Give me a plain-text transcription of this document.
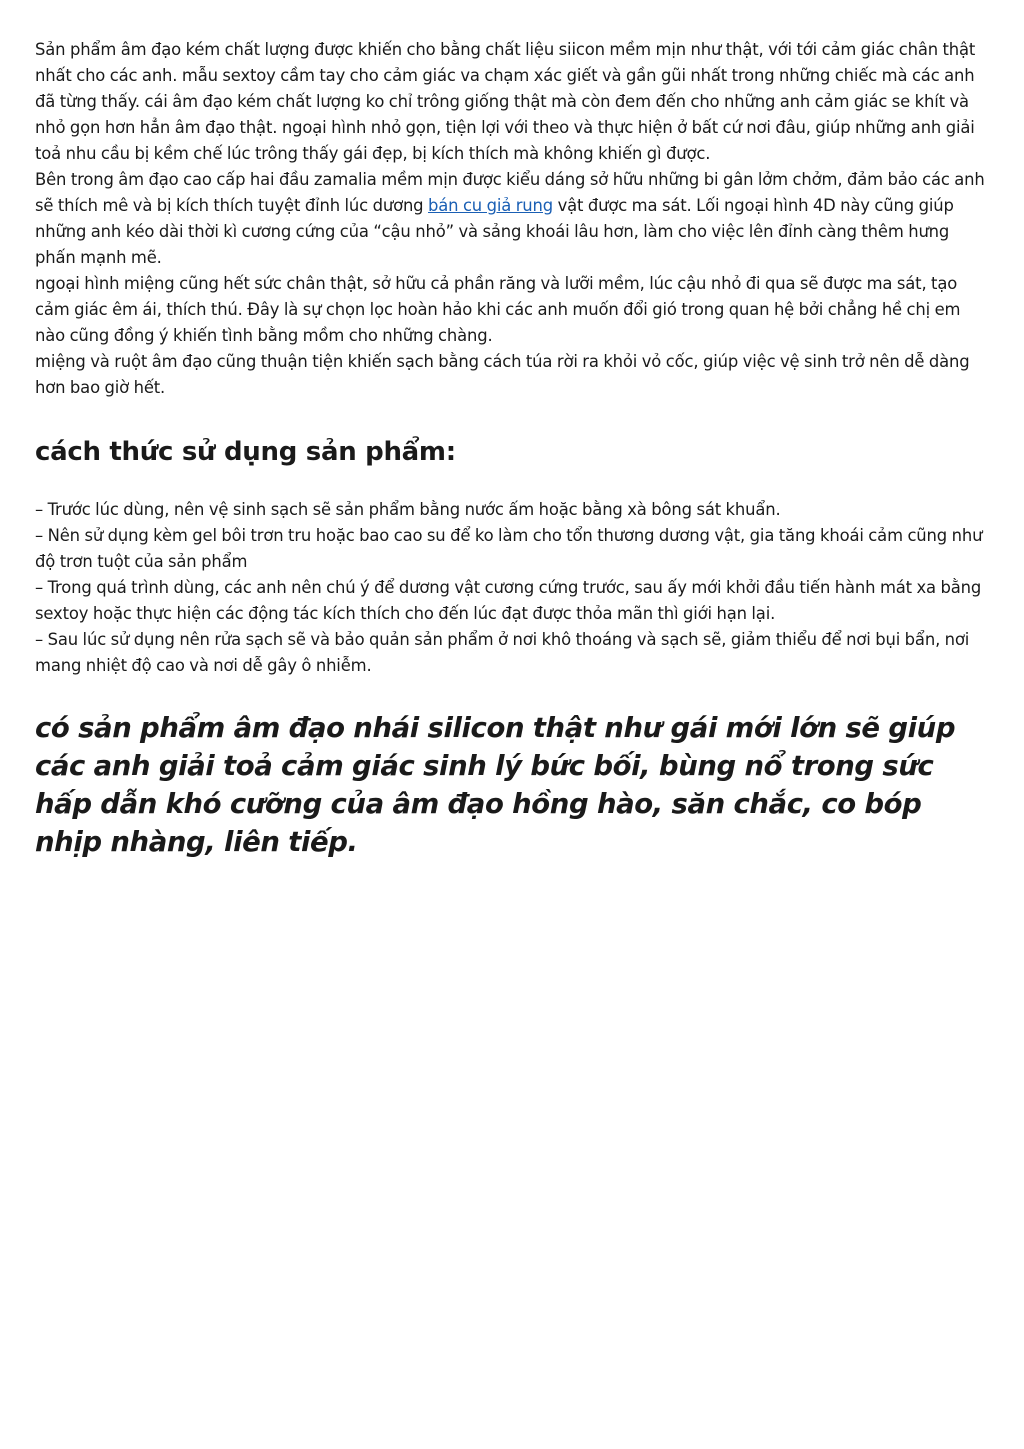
Sản phẩm âm đạo kém chất lượng được khiến cho bằng chất liệu siicon mềm mịn như thật, với tới cảm giác chân thật nhất cho các anh. mẫu sextoy cầm tay cho cảm giác va chạm xác giết và gần gũi nhất trong những chiếc mà các anh đã từng thấy. cái âm đạo kém chất lượng ko chỉ trông giống thật mà còn đem đến cho những anh cảm giác se khít và nhỏ gọn hơn hẳn âm đạo thật. ngoại hình nhỏ gọn, tiện lợi với theo và thực hiện ở bất cứ nơi đâu, giúp những anh giải toả nhu cầu bị kềm chế lúc trông thấy gái đẹp, bị kích thích mà không khiến gì được.

Bên trong âm đạo cao cấp hai đầu zamalia mềm mịn được kiểu dáng sở hữu những bi gân lởm chởm, đảm bảo các anh sẽ thích mê và bị kích thích tuyệt đỉnh lúc dương bán cu giả rung vật được ma sát. Lối ngoại hình 4D này cũng giúp những anh kéo dài thời kì cương cứng của “cậu nhỏ” và sảng khoái lâu hơn, làm cho việc lên đỉnh càng thêm hưng phấn mạnh mẽ.

ngoại hình miệng cũng hết sức chân thật, sở hữu cả phần răng và lưỡi mềm, lúc cậu nhỏ đi qua sẽ được ma sát, tạo cảm giác êm ái, thích thú. Đây là sự chọn lọc hoàn hảo khi các anh muốn đổi gió trong quan hệ bởi chẳng hề chị em nào cũng đồng ý khiến tình bằng mồm cho những chàng.

miệng và ruột âm đạo cũng thuận tiện khiến sạch bằng cách túa rời ra khỏi vỏ cốc, giúp việc vệ sinh trở nên dễ dàng hơn bao giờ hết.

cách thức sử dụng sản phẩm:

– Trước lúc dùng, nên vệ sinh sạch sẽ sản phẩm bằng nước ấm hoặc bằng xà bông sát khuẩn.

– Nên sử dụng kèm gel bôi trơn tru hoặc bao cao su để ko làm cho tổn thương dương vật, gia tăng khoái cảm cũng như độ trơn tuột của sản phẩm

– Trong quá trình dùng, các anh nên chú ý để dương vật cương cứng trước, sau ấy mới khởi đầu tiến hành mát xa bằng sextoy hoặc thực hiện các động tác kích thích cho đến lúc đạt được thỏa mãn thì giới hạn lại.

– Sau lúc sử dụng nên rửa sạch sẽ và bảo quản sản phẩm ở nơi khô thoáng và sạch sẽ, giảm thiểu để nơi bụi bẩn, nơi mang nhiệt độ cao và nơi dễ gây ô nhiễm.

có sản phẩm âm đạo nhái silicon thật như gái mới lớn sẽ giúp các anh giải toả cảm giác sinh lý bức bối, bùng nổ trong sức hấp dẫn khó cưỡng của âm đạo hồng hào, săn chắc, co bóp nhịp nhàng, liên tiếp.
